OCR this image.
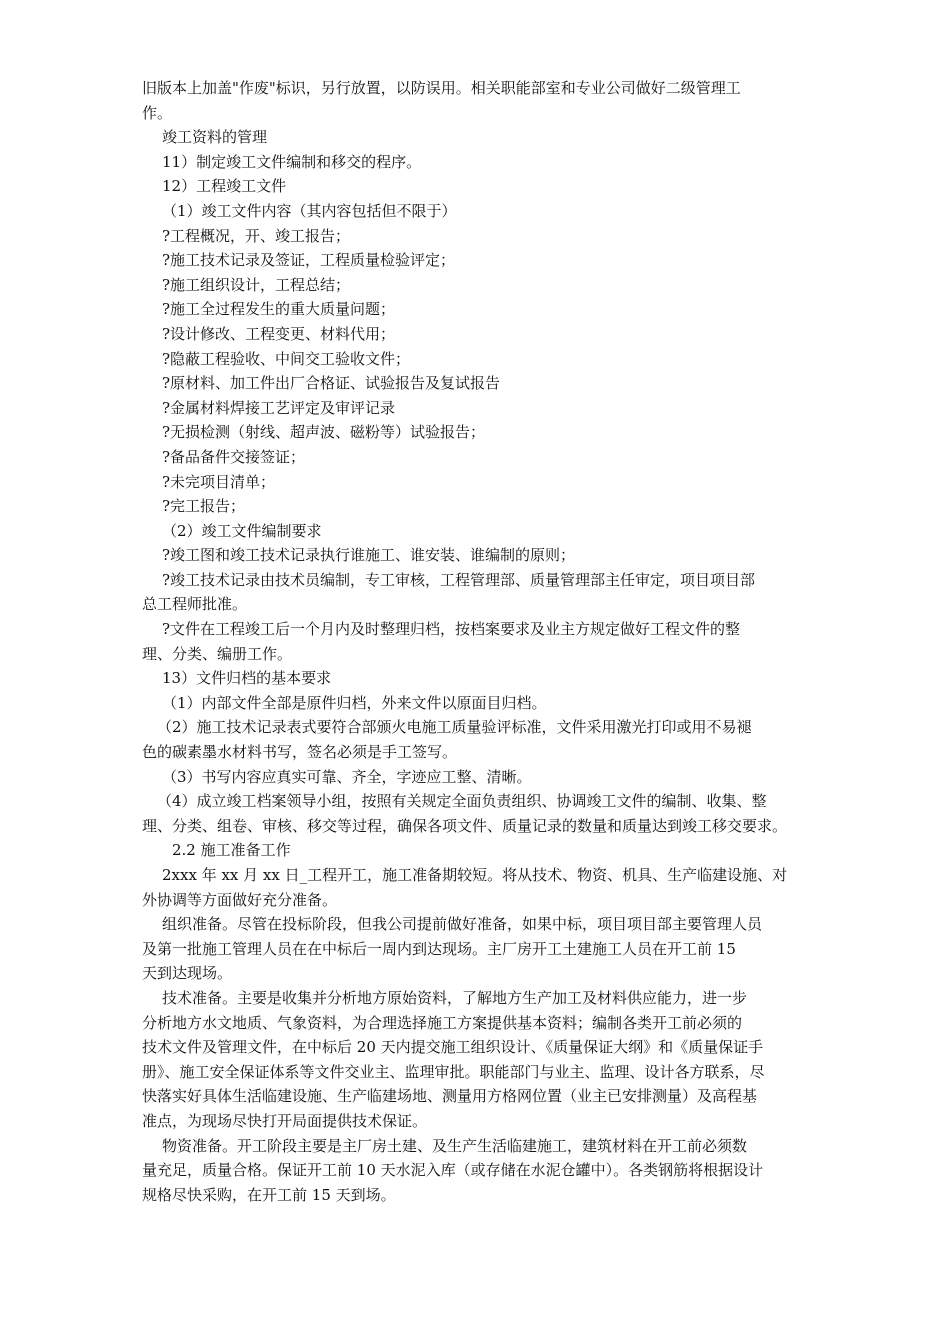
旧版本上加盖"作废"标识，另行放置，以防误用。相关职能部室和专业公司做好二级管理工
作。
竣工资料的管理
11）制定竣工文件编制和移交的程序。
12）工程竣工文件
（1）竣工文件内容（其内容包括但不限于）
?工程概况，开、竣工报告；
?施工技术记录及签证，工程质量检验评定；
?施工组织设计，工程总结；
?施工全过程发生的重大质量问题；
?设计修改、工程变更、材料代用；
?隐蔽工程验收、中间交工验收文件；
?原材料、加工件出厂合格证、试验报告及复试报告
?金属材料焊接工艺评定及审评记录
?无损检测（射线、超声波、磁粉等）试验报告；
?备品备件交接签证；
?未完项目清单；
?完工报告；
（2）竣工文件编制要求
?竣工图和竣工技术记录执行谁施工、谁安装、谁编制的原则；
?竣工技术记录由技术员编制，专工审核，工程管理部、质量管理部主任审定，项目项目部
总工程师批准。
?文件在工程竣工后一个月内及时整理归档，按档案要求及业主方规定做好工程文件的整
理、分类、编册工作。
13）文件归档的基本要求
（1）内部文件全部是原件归档，外来文件以原面目归档。
（2）施工技术记录表式要符合部颁火电施工质量验评标准，文件采用激光打印或用不易褪
色的碳素墨水材料书写，签名必须是手工签写。
（3）书写内容应真实可靠、齐全，字迹应工整、清晰。
（4）成立竣工档案领导小组，按照有关规定全面负责组织、协调竣工文件的编制、收集、整
理、分类、组卷、审核、移交等过程，确保各项文件、质量记录的数量和质量达到竣工移交要求。
2.2 施工准备工作
2xxx 年 xx 月 xx 日_工程开工，施工准备期较短。将从技术、物资、机具、生产临建设施、对
外协调等方面做好充分准备。
组织准备。尽管在投标阶段，但我公司提前做好准备，如果中标，项目项目部主要管理人员
及第一批施工管理人员在在中标后一周内到达现场。主厂房开工土建施工人员在开工前 15
天到达现场。
技术准备。主要是收集并分析地方原始资料，了解地方生产加工及材料供应能力，进一步
分析地方水文地质、气象资料，为合理选择施工方案提供基本资料；编制各类开工前必须的
技术文件及管理文件，在中标后 20 天内提交施工组织设计、《质量保证大纲》和《质量保证手
册》、施工安全保证体系等文件交业主、监理审批。职能部门与业主、监理、设计各方联系，尽
快落实好具体生活临建设施、生产临建场地、测量用方格网位置（业主已安排测量）及高程基
准点，为现场尽快打开局面提供技术保证。
物资准备。开工阶段主要是主厂房土建、及生产生活临建施工，建筑材料在开工前必须数
量充足，质量合格。保证开工前 10 天水泥入库（或存储在水泥仓罐中）。各类钢筋将根据设计
规格尽快采购，在开工前 15 天到场。
